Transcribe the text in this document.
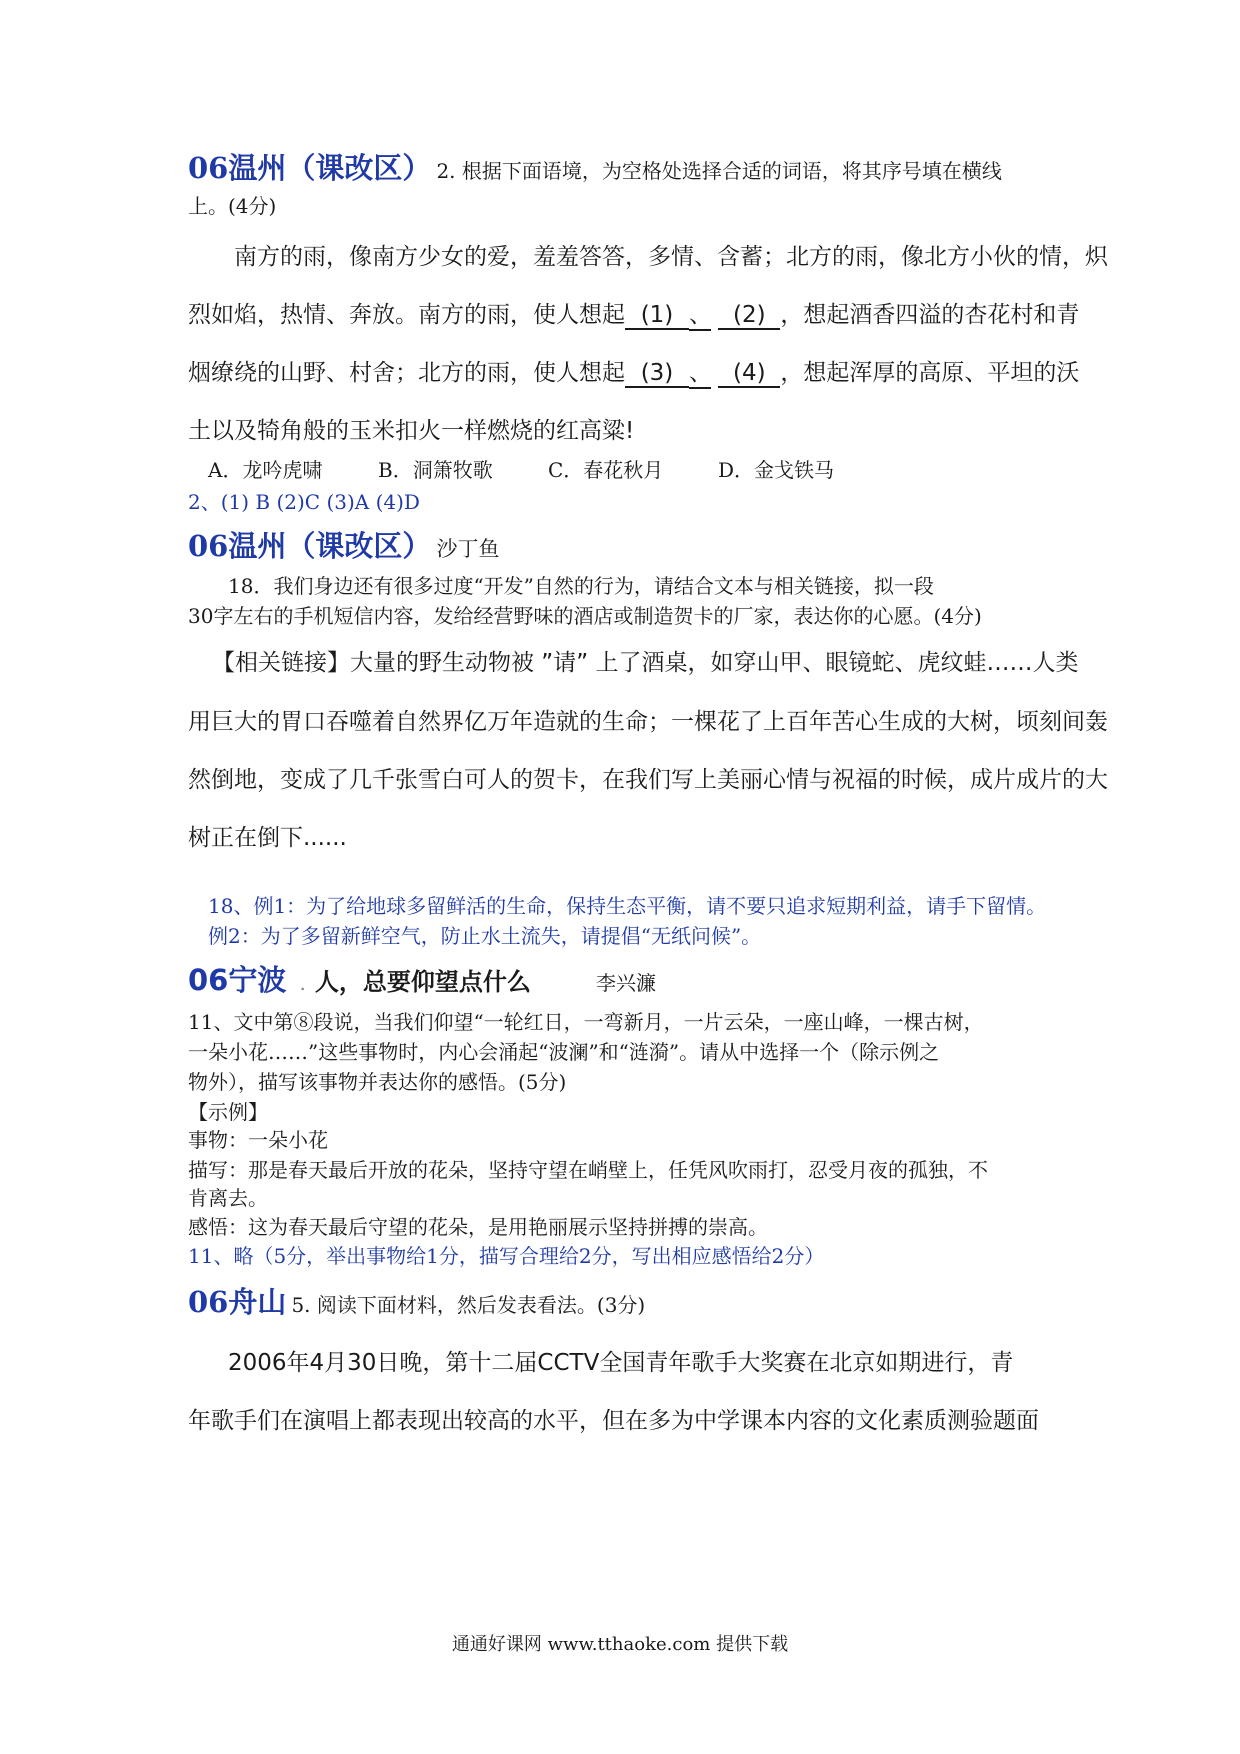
06温州（课改区） 2. 根据下面语境，为空格处选择合适的词语，将其序号填在横线
上。(4分)
南方的雨，像南方少女的爱，羞羞答答，多情、含蓄；北方的雨，像北方小伙的情，炽
烈如焰，热情、奔放。南方的雨，使人想起 (1) 、 (2) ，想起酒香四溢的杏花村和青
烟缭绕的山野、村舍；北方的雨，使人想起 (3) 、 (4) ，想起浑厚的高原、平坦的沃
土以及犄角般的玉米扣火一样燃烧的红高粱!
A．龙吟虎啸	B．洞箫牧歌	C．春花秋月	D．金戈铁马
2、(1) B (2)C (3)A (4)D
06温州（课改区） 沙丁鱼
18．我们身边还有很多过度“开发”自然的行为，请结合文本与相关链接，拟一段
30字左右的手机短信内容，发给经营野味的酒店或制造贺卡的厂家，表达你的心愿。(4分)
【相关链接】大量的野生动物被 ”请” 上了酒桌，如穿山甲、眼镜蛇、虎纹蛙……人类
用巨大的胃口吞噬着自然界亿万年造就的生命；一棵花了上百年苦心生成的大树，顷刻间轰
然倒地，变成了几千张雪白可人的贺卡，在我们写上美丽心情与祝福的时候，成片成片的大
树正在倒下......
18、例1：为了给地球多留鲜活的生命，保持生态平衡，请不要只追求短期利益，请手下留情。
例2：为了多留新鲜空气，防止水土流失，请提倡“无纸问候”。
06宁波 . 人，总要仰望点什么	李兴濂
11、文中第⑧段说，当我们仰望“一轮红日，一弯新月，一片云朵，一座山峰，一棵古树，
一朵小花……”这些事物时，内心会涌起“波澜”和“涟漪”。请从中选择一个（除示例之
物外），描写该事物并表达你的感悟。(5分)
【示例】
事物：一朵小花
描写：那是春天最后开放的花朵，坚持守望在峭壁上，任凭风吹雨打，忍受月夜的孤独，不
肯离去。
感悟：这为春天最后守望的花朵，是用艳丽展示坚持拼搏的崇高。
11、略（5分，举出事物给1分，描写合理给2分，写出相应感悟给2分）
06舟山 5. 阅读下面材料，然后发表看法。(3分)
2006年4月30日晚，第十二届CCTV全国青年歌手大奖赛在北京如期进行，青
年歌手们在演唱上都表现出较高的水平，但在多为中学课本内容的文化素质测验题面
通通好课网 www.tthaoke.com 提供下载
